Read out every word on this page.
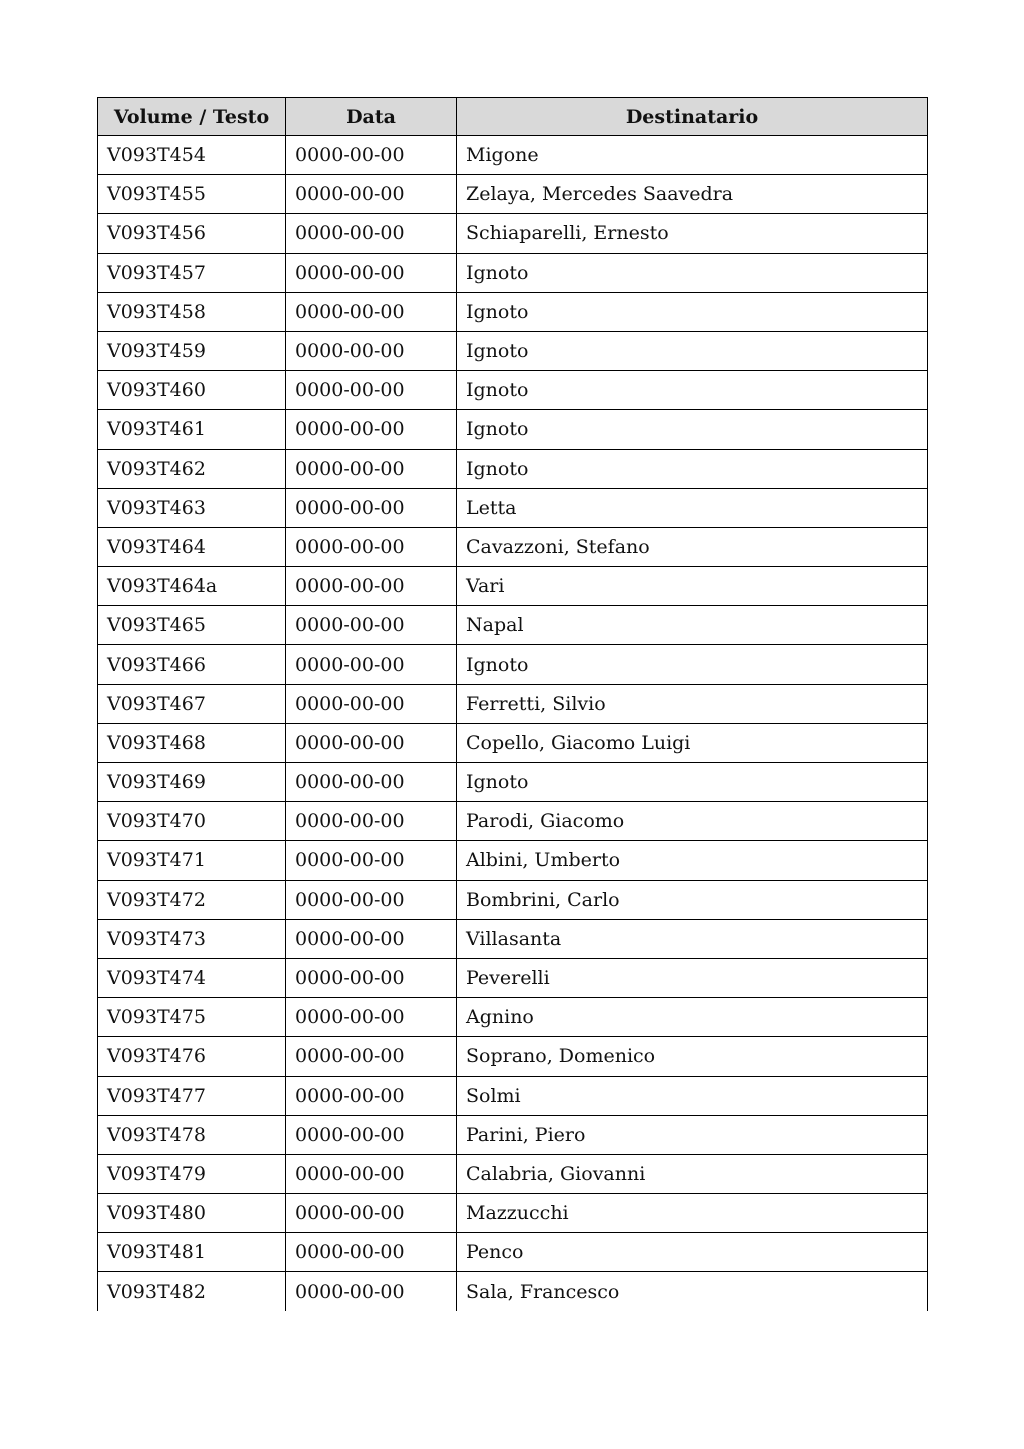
Volume / Testo	Data	Destinatario
V093T454	0000-00-00	Migone
V093T455	0000-00-00	Zelaya, Mercedes Saavedra
V093T456	0000-00-00	Schiaparelli, Ernesto
V093T457	0000-00-00	Ignoto
V093T458	0000-00-00	Ignoto
V093T459	0000-00-00	Ignoto
V093T460	0000-00-00	Ignoto
V093T461	0000-00-00	Ignoto
V093T462	0000-00-00	Ignoto
V093T463	0000-00-00	Letta
V093T464	0000-00-00	Cavazzoni, Stefano
V093T464a	0000-00-00	Vari
V093T465	0000-00-00	Napal
V093T466	0000-00-00	Ignoto
V093T467	0000-00-00	Ferretti, Silvio
V093T468	0000-00-00	Copello, Giacomo Luigi
V093T469	0000-00-00	Ignoto
V093T470	0000-00-00	Parodi, Giacomo
V093T471	0000-00-00	Albini, Umberto
V093T472	0000-00-00	Bombrini, Carlo
V093T473	0000-00-00	Villasanta
V093T474	0000-00-00	Peverelli
V093T475	0000-00-00	Agnino
V093T476	0000-00-00	Soprano, Domenico
V093T477	0000-00-00	Solmi
V093T478	0000-00-00	Parini, Piero
V093T479	0000-00-00	Calabria, Giovanni
V093T480	0000-00-00	Mazzucchi
V093T481	0000-00-00	Penco
V093T482	0000-00-00	Sala, Francesco
